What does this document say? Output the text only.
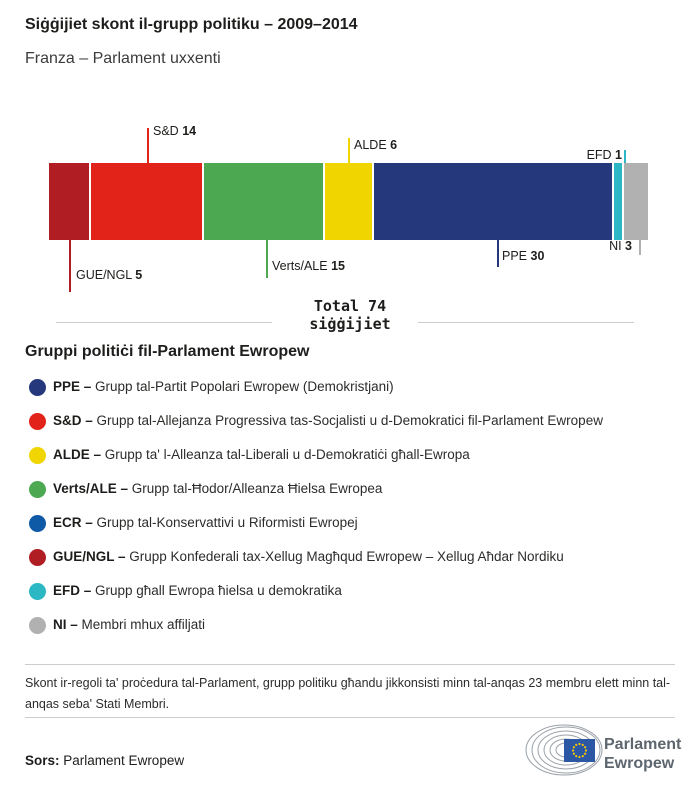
Siġġijiet skont il-grupp politiku – 2009–2014
Franza – Parlament uxxenti
S&D 14
ALDE 6
EFD 1
GUE/NGL 5
Verts/ALE 15
PPE 30
NI 3
Total 74
siġġijiet
Gruppi politiċi fil-Parlament Ewropew
PPE – Grupp tal-Partit Popolari Ewropew (Demokristjani)
S&D – Grupp tal-Allejanza Progressiva tas-Socjalisti u d-Demokratici fil-Parlament Ewropew
ALDE – Grupp ta' l-Alleanza tal-Liberali u d-Demokratiċi għall-Ewropa
Verts/ALE – Grupp tal-Ħodor/Alleanza Ħielsa Ewropea
ECR – Grupp tal-Konservattivi u Riformisti Ewropej
GUE/NGL – Grupp Konfederali tax-Xellug Magħqud Ewropew – Xellug Aħdar Nordiku
EFD – Grupp għall Ewropa ħielsa u demokratika
NI – Membri mhux affiljati
Skont ir-regoli ta' proċedura tal-Parlament, grupp politiku għandu jikkonsisti minn tal-anqas 23 membru elett minn tal-anqas seba' Stati Membri.
Sors: Parlament Ewropew
Parlament
Ewropew
